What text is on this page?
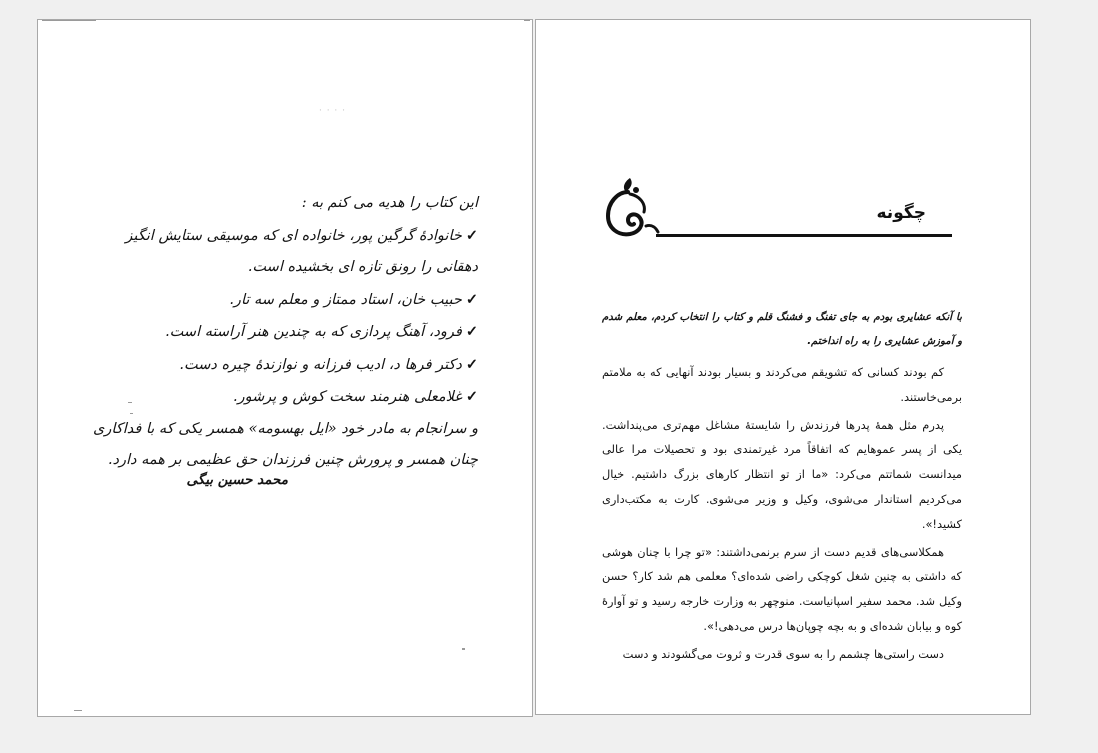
· · · ·
این کتاب را هدیه می کنم به :
✓خانوادهٔ گرگین پور، خانواده ای که موسیقی ستایش انگیز
دهقانی را رونق تازه ای بخشیده است.
✓حبیب خان، استاد ممتاز و معلم سه تار.
✓فرود، آهنگ پردازی که به چندین هنر آراسته است.
✓دکتر فرها د، ادیب فرزانه و نوازندهٔ چیره دست.
✓غلامعلی هنرمند سخت کوش و پرشور.
و سرانجام به مادر خود «ایل بهسومه» همسر یکی که با فداکاری
چنان همسر و پرورش چنین فرزندان حق عظیمی بر همه دارد.
محمد حسین بیگی
چگونه

با آنکه عشایری بودم به جای تفنگ و فشنگ قلم و کتاب را انتخاب کردم، معلم شدم و آموزش عشایری را به راه انداختم.

کم بودند کسانی که تشویقم می‌کردند و بسیار بودند آنهایی که به ملامتم برمی‌خاستند.

پدرم مثل همهٔ پدرها فرزندش را شایستهٔ مشاغل مهم‌تری می‌پنداشت. یکی از پسر عموهایم که اتفاقاً مرد غیرتمندی بود و تحصیلات مرا عالی میدانست شماتتم می‌کرد: «ما از تو انتظار کارهای بزرگ داشتیم. خیال می‌کردیم استاندار می‌شوی، وکیل و وزیر می‌شوی. کارت به مکتب‌داری کشید!».

همکلاسی‌های قدیم دست از سرم برنمی‌داشتند: «تو چرا با چنان هوشی که داشتی به چنین شغل کوچکی راضی شده‌ای؟ معلمی هم شد کار؟ حسن وکیل شد. محمد سفیر اسپانیاست. منوچهر به وزارت خارجه رسید و تو آوارهٔ کوه و بیابان شده‌ای و به بچه چوپان‌ها درس می‌دهی!».

دست راستی‌ها چشمم را به سوی قدرت و ثروت می‌گشودند و دست
